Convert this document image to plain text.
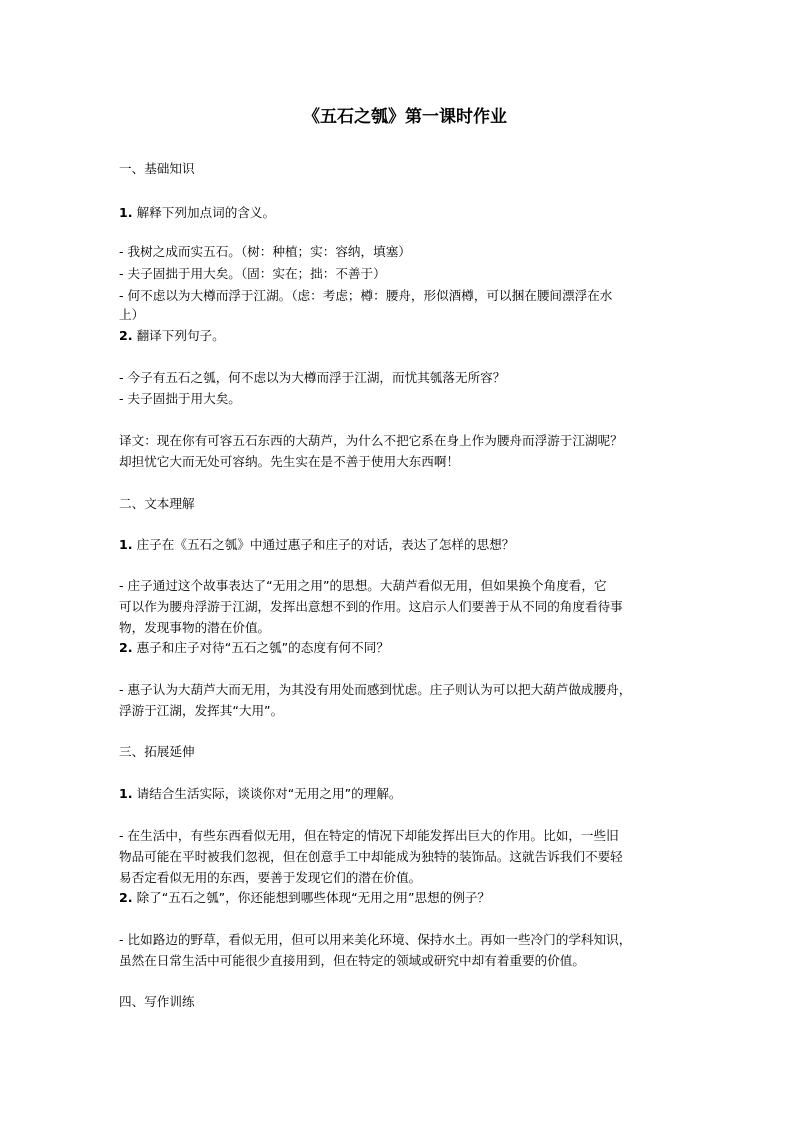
《五石之瓠》第一课时作业
一、基础知识
1. 解释下列加点词的含义。
- 我树之成而实五石。（树：种植；实：容纳，填塞）
- 夫子固拙于用大矣。（固：实在；拙：不善于）
- 何不虑以为大樽而浮于江湖。（虑：考虑；樽：腰舟，形似酒樽，可以捆在腰间漂浮在水
上）
2. 翻译下列句子。
- 今子有五石之瓠，何不虑以为大樽而浮于江湖，而忧其瓠落无所容？
- 夫子固拙于用大矣。
译文：现在你有可容五石东西的大葫芦，为什么不把它系在身上作为腰舟而浮游于江湖呢？
却担忧它大而无处可容纳。先生实在是不善于使用大东西啊！
二、文本理解
1. 庄子在《五石之瓠》中通过惠子和庄子的对话，表达了怎样的思想？
- 庄子通过这个故事表达了“无用之用”的思想。大葫芦看似无用，但如果换个角度看，它
可以作为腰舟浮游于江湖，发挥出意想不到的作用。这启示人们要善于从不同的角度看待事
物，发现事物的潜在价值。
2. 惠子和庄子对待“五石之瓠”的态度有何不同？
- 惠子认为大葫芦大而无用，为其没有用处而感到忧虑。庄子则认为可以把大葫芦做成腰舟，
浮游于江湖，发挥其“大用”。
三、拓展延伸
1. 请结合生活实际，谈谈你对“无用之用”的理解。
- 在生活中，有些东西看似无用，但在特定的情况下却能发挥出巨大的作用。比如，一些旧
物品可能在平时被我们忽视，但在创意手工中却能成为独特的装饰品。这就告诉我们不要轻
易否定看似无用的东西，要善于发现它们的潜在价值。
2. 除了“五石之瓠”，你还能想到哪些体现“无用之用”思想的例子？
- 比如路边的野草，看似无用，但可以用来美化环境、保持水土。再如一些冷门的学科知识，
虽然在日常生活中可能很少直接用到，但在特定的领域或研究中却有着重要的价值。
四、写作训练
